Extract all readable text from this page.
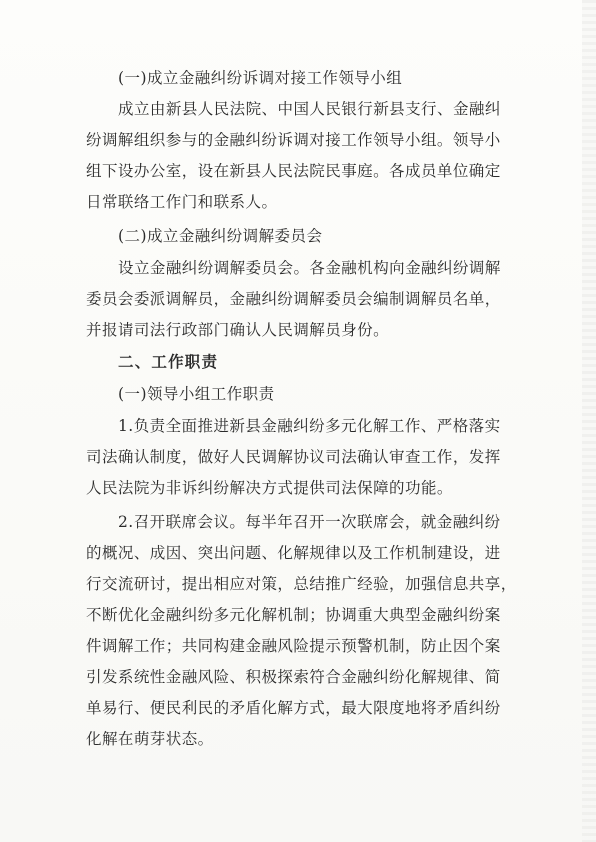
(一)成立金融纠纷诉调对接工作领导小组
成立由新县人民法院、中国人民银行新县支行、金融纠
纷调解组织参与的金融纠纷诉调对接工作领导小组。领导小
组下设办公室，设在新县人民法院民事庭。各成员单位确定
日常联络工作门和联系人。
(二)成立金融纠纷调解委员会
设立金融纠纷调解委员会。各金融机构向金融纠纷调解
委员会委派调解员，金融纠纷调解委员会编制调解员名单，
并报请司法行政部门确认人民调解员身份。
二、工作职责
(一)领导小组工作职责
1.负责全面推进新县金融纠纷多元化解工作、严格落实
司法确认制度，做好人民调解协议司法确认审查工作，发挥
人民法院为非诉纠纷解决方式提供司法保障的功能。
2.召开联席会议。每半年召开一次联席会，就金融纠纷
的概况、成因、突出问题、化解规律以及工作机制建设，进
行交流研讨，提出相应对策，总结推广经验，加强信息共享，
不断优化金融纠纷多元化解机制；协调重大典型金融纠纷案
件调解工作；共同构建金融风险提示预警机制，防止因个案
引发系统性金融风险、积极探索符合金融纠纷化解规律、简
单易行、便民利民的矛盾化解方式，最大限度地将矛盾纠纷
化解在萌芽状态。
